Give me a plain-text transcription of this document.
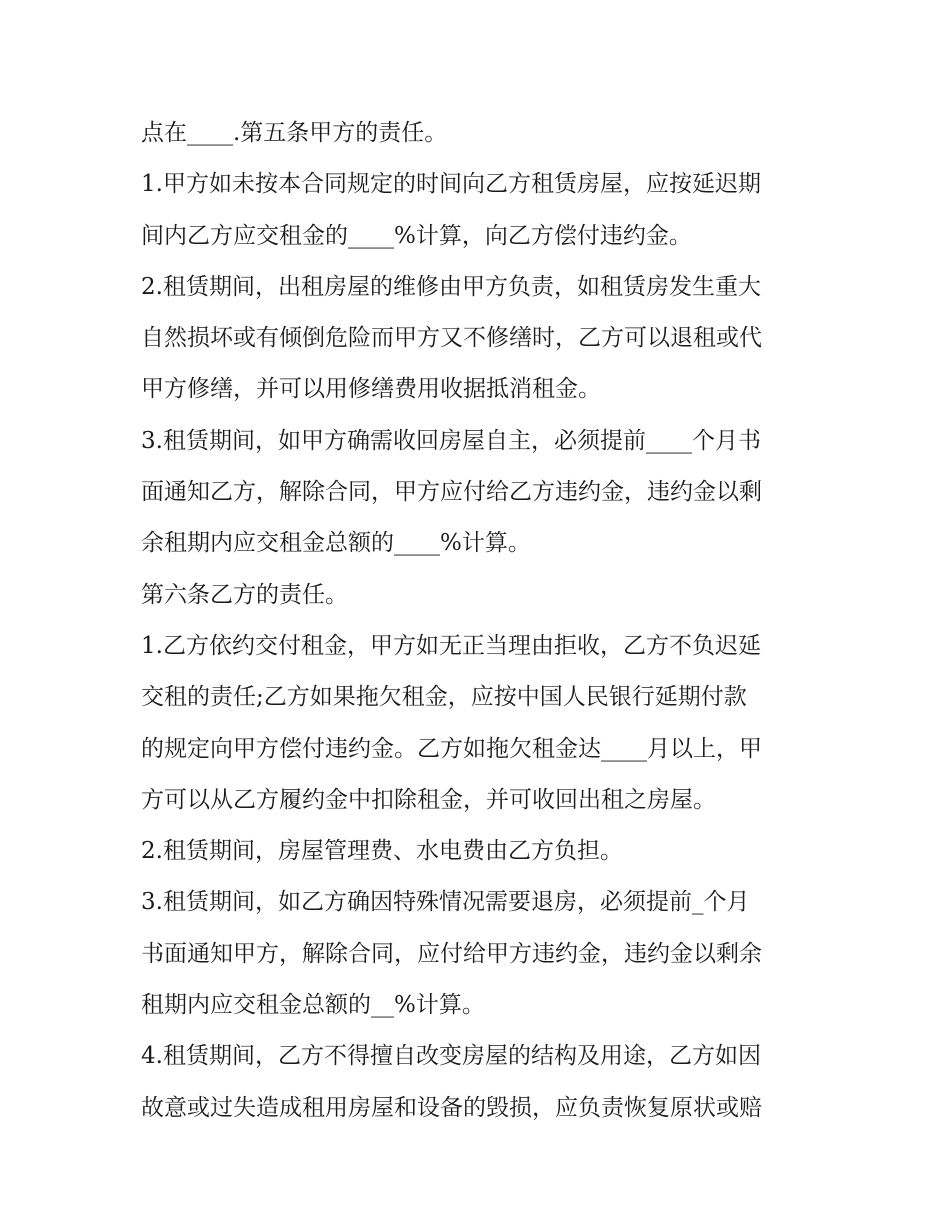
点在____.第五条甲方的责任。
1.甲方如未按本合同规定的时间向乙方租赁房屋，应按延迟期
间内乙方应交租金的____%计算，向乙方偿付违约金。
2.租赁期间，出租房屋的维修由甲方负责，如租赁房发生重大
自然损坏或有倾倒危险而甲方又不修缮时，乙方可以退租或代
甲方修缮，并可以用修缮费用收据抵消租金。
3.租赁期间，如甲方确需收回房屋自主，必须提前____个月书
面通知乙方，解除合同，甲方应付给乙方违约金，违约金以剩
余租期内应交租金总额的____%计算。
第六条乙方的责任。
1.乙方依约交付租金，甲方如无正当理由拒收，乙方不负迟延
交租的责任;乙方如果拖欠租金，应按中国人民银行延期付款
的规定向甲方偿付违约金。乙方如拖欠租金达____月以上，甲
方可以从乙方履约金中扣除租金，并可收回出租之房屋。
2.租赁期间，房屋管理费、水电费由乙方负担。
3.租赁期间，如乙方确因特殊情况需要退房，必须提前_个月
书面通知甲方，解除合同，应付给甲方违约金，违约金以剩余
租期内应交租金总额的__%计算。
4.租赁期间，乙方不得擅自改变房屋的结构及用途，乙方如因
故意或过失造成租用房屋和设备的毁损，应负责恢复原状或赔
